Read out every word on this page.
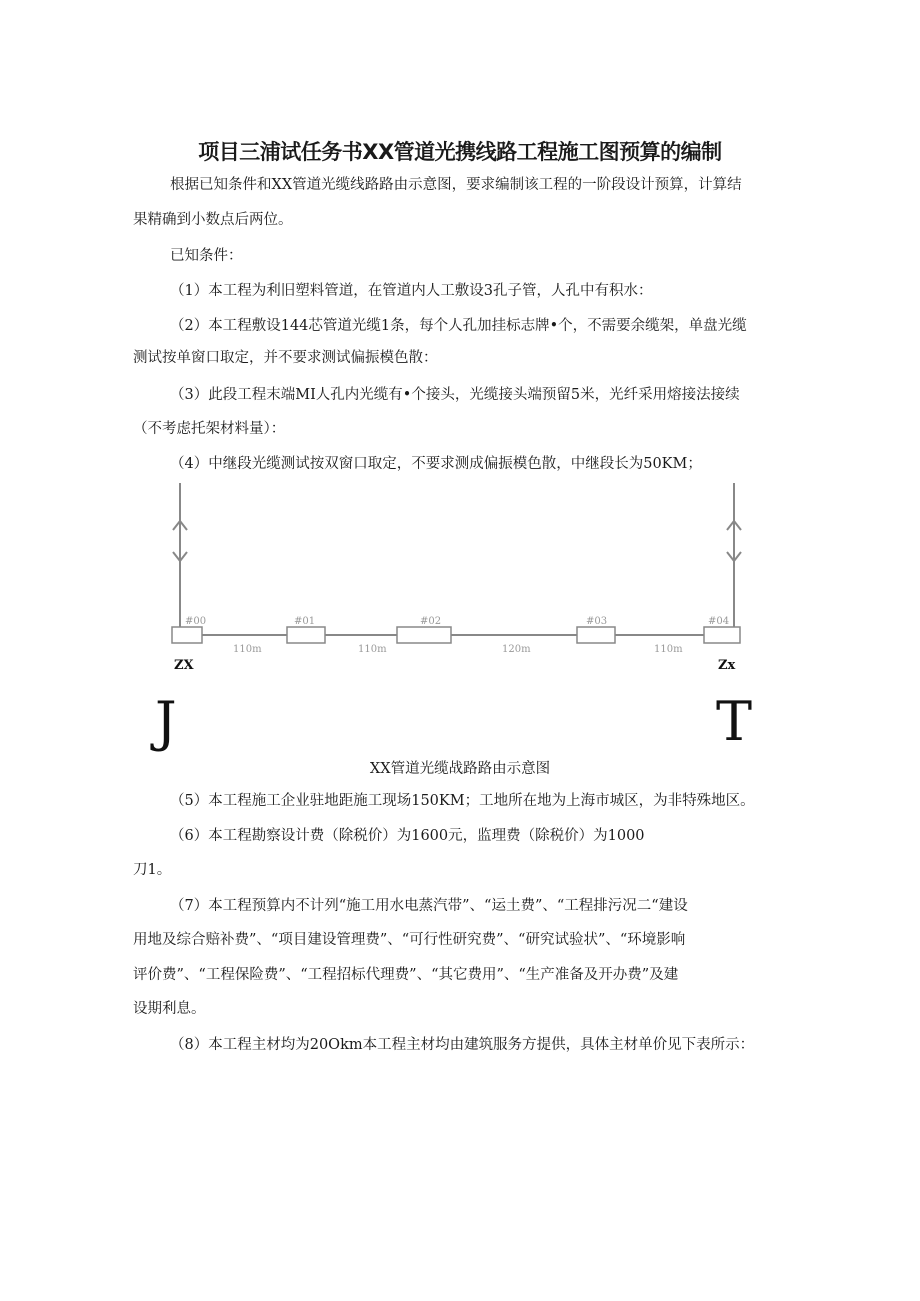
项目三浦试任务书XX管道光携线路工程施工图预算的编制
根据已知条件和XX管道光缆线路路由示意图，要求编制该工程的一阶段设计预算，计算结
果精确到小数点后两位。
已知条件：
（1）本工程为利旧塑料管道，在管道内人工敷设3孔子管，人孔中有积水：
（2）本工程敷设144芯管道光缆1条，每个人孔加挂标志牌•个，不需要余缆架，单盘光缆
测试按单窗口取定，并不要求测试偏振模色散：
（3）此段工程末端MI人孔内光缆有•个接头，光缆接头端预留5米，光纤采用熔接法接续
（不考虑托架材料量）：
（4）中继段光缆测试按双窗口取定，不要求测成偏振模色散，中继段长为50KM；
#00	#01	#02	#03	#04
110m	110m	120m	110m
ZX	Zx
J	T
XX管道光缆战路路由示意图
（5）本工程施工企业驻地距施工现场150KM；工地所在地为上海市城区，为非特殊地区。
（6）本工程勘察设计费（除税价）为1600元，监理费（除税价）为1000
刀1。
（7）本工程预算内不计列“施工用水电蒸汽带”、“运土费”、“工程排污况二“建设
用地及综合赔补费”、“项目建设管理费”、“可行性研究费”、“研究试验状”、“环境影响
评价费”、“工程保险费”、“工程招标代理费”、“其它费用”、“生产准备及开办费”及建
设期利息。
（8）本工程主材均为20Okm本工程主材均由建筑服务方提供，具体主材单价见下表所示：
